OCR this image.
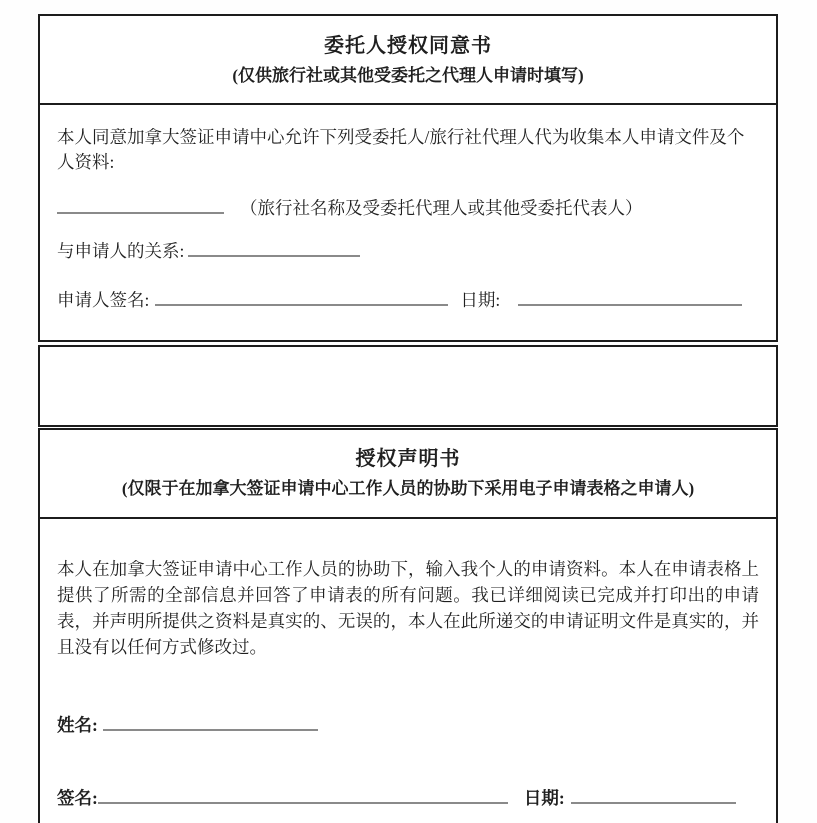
委托人授权同意书
(仅供旅行社或其他受委托之代理人申请时填写)

本人同意加拿大签证申请中心允许下列受委托人/旅行社代理人代为收集本人申请文件及个人资料:

（旅行社名称及受委托代理人或其他受委托代表人）

与申请人的关系:

申请人签名:	日期:

授权声明书
(仅限于在加拿大签证申请中心工作人员的协助下采用电子申请表格之申请人)

本人在加拿大签证申请中心工作人员的协助下，输入我个人的申请资料。本人在申请表格上提供了所需的全部信息并回答了申请表的所有问题。我已详细阅读已完成并打印出的申请表，并声明所提供之资料是真实的、无误的，本人在此所递交的申请证明文件是真实的，并且没有以任何方式修改过。

姓名:

签名:	日期:
